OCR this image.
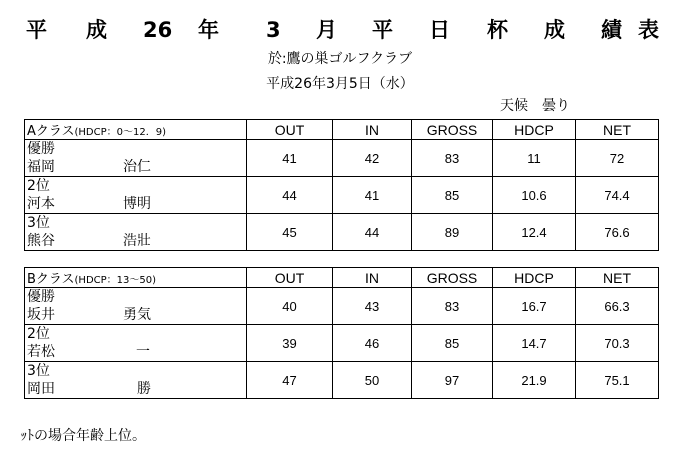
平 成 26 年 3 月 平 日 杯 成 績 表
於:鷹の巣ゴルフクラブ
平成26年3月5日（水）
天候　曇り
Aクラス(HDCP：0～12．9)	OUT	IN	GROSS	HDCP	NET

優勝
福岡 治仁	41	42	83	11	72

2位
河本 博明	44	41	85	10.6	74.4

3位
熊谷 浩壯	45	44	89	12.4	76.6
Bクラス(HDCP：13～50)	OUT	IN	GROSS	HDCP	NET

優勝
坂井 勇気	40	43	83	16.7	66.3

2位
若松 一	39	46	85	14.7	70.3

3位
岡田 勝	47	50	97	21.9	75.1
ｯﾄの場合年齢上位。
